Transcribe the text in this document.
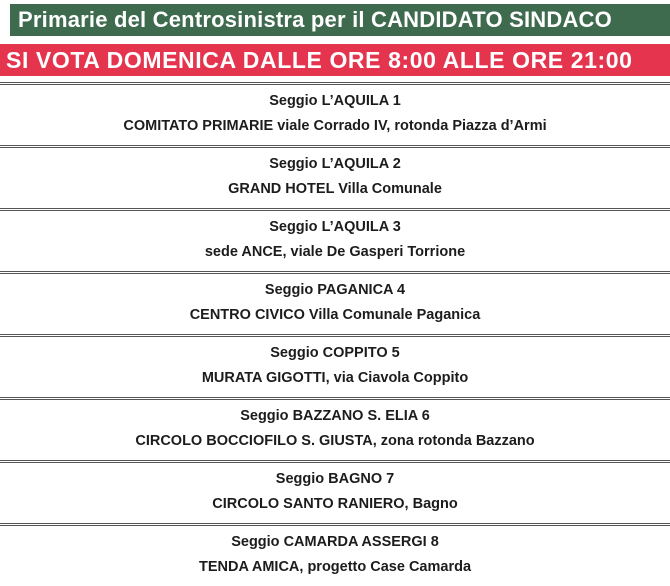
Primarie del Centrosinistra per il CANDIDATO SINDACO
SI VOTA DOMENICA DALLE ORE 8:00 ALLE ORE 21:00
Seggio L’AQUILA 1
COMITATO PRIMARIE viale Corrado IV, rotonda Piazza d’Armi
Seggio L’AQUILA 2
GRAND HOTEL Villa Comunale
Seggio L’AQUILA 3
sede ANCE, viale De Gasperi Torrione
Seggio PAGANICA 4
CENTRO CIVICO Villa Comunale Paganica
Seggio COPPITO 5
MURATA GIGOTTI, via Ciavola Coppito
Seggio BAZZANO S. ELIA 6
CIRCOLO BOCCIOFILO S. GIUSTA, zona rotonda Bazzano
Seggio BAGNO 7
CIRCOLO SANTO RANIERO, Bagno
Seggio CAMARDA ASSERGI 8
TENDA AMICA, progetto Case Camarda
